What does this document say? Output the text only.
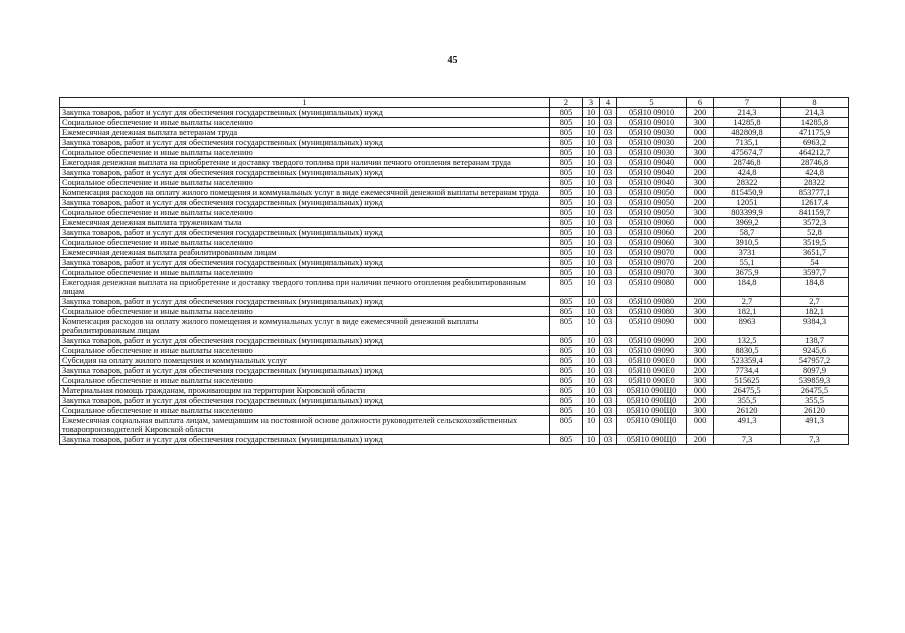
45
1	2	3	4	5	6	7	8
Закупка товаров, работ и услуг для обеспечения государственных (муниципальных) нужд	805	10	03	05Я10 09010	200	214,3	214,3
Социальное обеспечение и иные выплаты населению	805	10	03	05Я10 09010	300	14285,8	14285,8
Ежемесячная денежная выплата ветеранам труда	805	10	03	05Я10 09030	000	482809,8	471175,9
Закупка товаров, работ и услуг для обеспечения государственных (муниципальных) нужд	805	10	03	05Я10 09030	200	7135,1	6963,2
Социальное обеспечение и иные выплаты населению	805	10	03	05Я10 09030	300	475674,7	464212,7
Ежегодная денежная выплата на приобретение и доставку твердого топлива при наличии печного отопления ветеранам труда	805	10	03	05Я10 09040	000	28746,8	28746,8
Закупка товаров, работ и услуг для обеспечения государственных (муниципальных) нужд	805	10	03	05Я10 09040	200	424,8	424,8
Социальное обеспечение и иные выплаты населению	805	10	03	05Я10 09040	300	28322	28322
Компенсация расходов на оплату жилого помещения и коммунальных услуг в виде ежемесячной денежной выплаты ветеранам труда	805	10	03	05Я10 09050	000	815450,9	853777,1
Закупка товаров, работ и услуг для обеспечения государственных (муниципальных) нужд	805	10	03	05Я10 09050	200	12051	12617,4
Социальное обеспечение и иные выплаты населению	805	10	03	05Я10 09050	300	803399,9	841159,7
Ежемесячная денежная выплата труженикам тыла	805	10	03	05Я10 09060	000	3969,2	3572,3
Закупка товаров, работ и услуг для обеспечения государственных (муниципальных) нужд	805	10	03	05Я10 09060	200	58,7	52,8
Социальное обеспечение и иные выплаты населению	805	10	03	05Я10 09060	300	3910,5	3519,5
Ежемесячная денежная выплата реабилитированным лицам	805	10	03	05Я10 09070	000	3731	3651,7
Закупка товаров, работ и услуг для обеспечения государственных (муниципальных) нужд	805	10	03	05Я10 09070	200	55,1	54
Социальное обеспечение и иные выплаты населению	805	10	03	05Я10 09070	300	3675,9	3597,7
Ежегодная денежная выплата на приобретение и доставку твердого топлива при наличии печного отопления реабилитированным лицам	805	10	03	05Я10 09080	000	184,8	184,8
Закупка товаров, работ и услуг для обеспечения государственных (муниципальных) нужд	805	10	03	05Я10 09080	200	2,7	2,7
Социальное обеспечение и иные выплаты населению	805	10	03	05Я10 09080	300	182,1	182,1
Компенсация расходов на оплату жилого помещения и коммунальных услуг в виде ежемесячной денежной выплаты реабилитированным лицам	805	10	03	05Я10 09090	000	8963	9384,3
Закупка товаров, работ и услуг для обеспечения государственных (муниципальных) нужд	805	10	03	05Я10 09090	200	132,5	138,7
Социальное обеспечение и иные выплаты населению	805	10	03	05Я10 09090	300	8830,5	9245,6
Субсидия на оплату жилого помещения и коммунальных услуг	805	10	03	05Я10 090Е0	000	523359,4	547957,2
Закупка товаров, работ и услуг для обеспечения государственных (муниципальных) нужд	805	10	03	05Я10 090Е0	200	7734,4	8097,9
Социальное обеспечение и иные выплаты населению	805	10	03	05Я10 090Е0	300	515625	539859,3
Материальная помощь гражданам, проживающим на территории Кировской области	805	10	03	05Я10 090Щ0	000	26475,5	26475,5
Закупка товаров, работ и услуг для обеспечения государственных (муниципальных) нужд	805	10	03	05Я10 090Щ0	200	355,5	355,5
Социальное обеспечение и иные выплаты населению	805	10	03	05Я10 090Щ0	300	26120	26120
Ежемесячная социальная выплата лицам, замещавшим на постоянной основе должности руководителей сельскохозяйственных товаропроизводителей Кировской области	805	10	03	05Я10 090Щ0	000	491,3	491,3
Закупка товаров, работ и услуг для обеспечения государственных (муниципальных) нужд	805	10	03	05Я10 090Щ0	200	7,3	7,3
